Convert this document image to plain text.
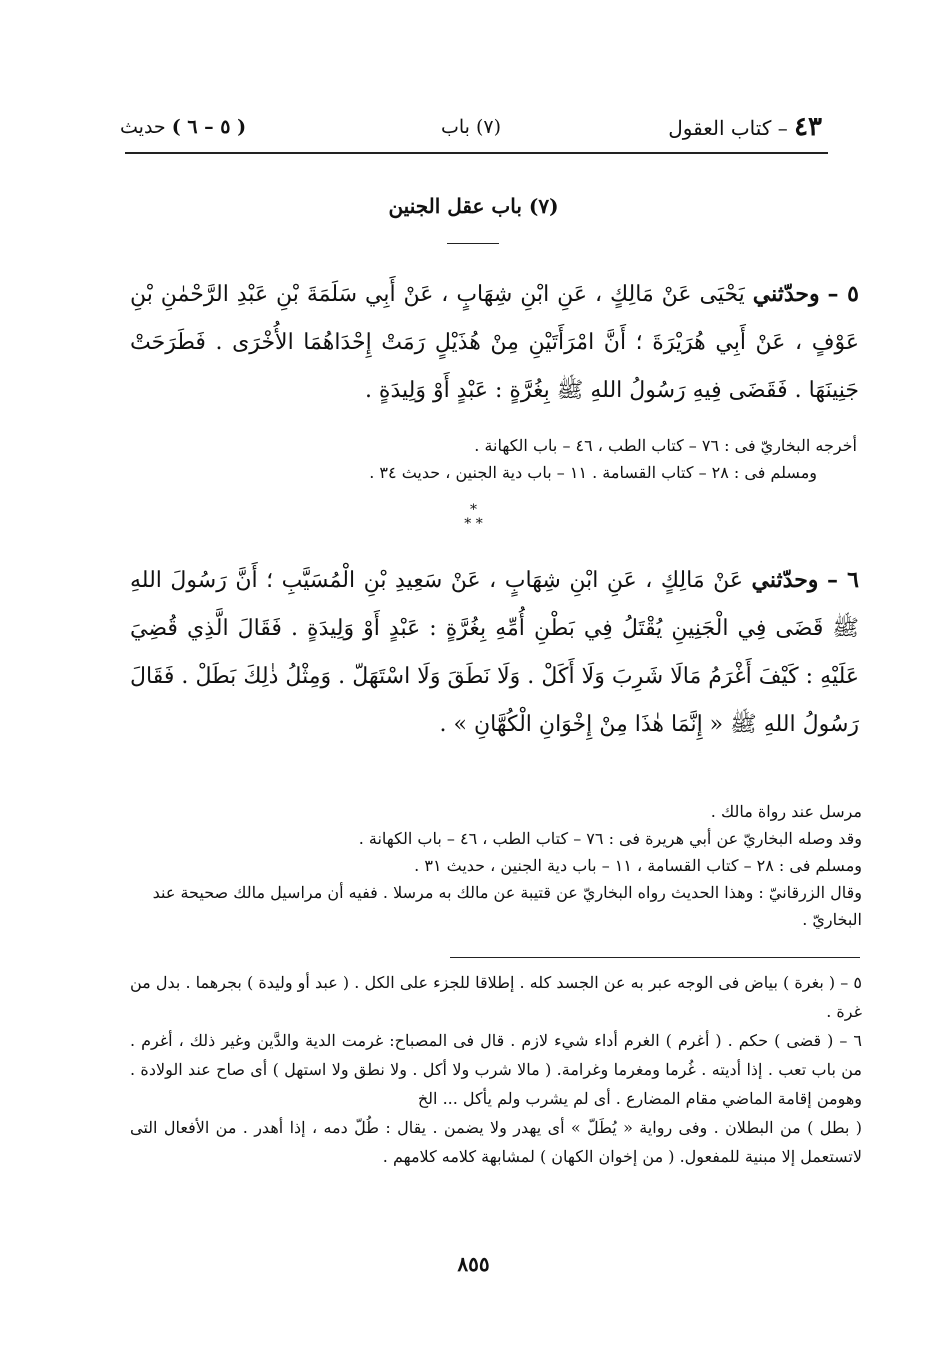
٤٣ – كتاب العقول
(٧) باب
( ٥ – ٦ ) حديث
(٧) باب عقل الجنين

٥ – وحدّثني يَحْيَى عَنْ مَالِكٍ ، عَنِ ابْنِ شِهَابٍ ، عَنْ أَبِي سَلَمَةَ بْنِ عَبْدِ الرَّحْمٰنِ بْنِ عَوْفٍ ، عَنْ أَبِي هُرَيْرَةَ ؛ أَنَّ امْرَأَتَيْنِ مِنْ هُذَيْلٍ رَمَتْ إِحْدَاهُمَا الأُخْرَى . فَطَرَحَتْ جَنِينَهَا . فَقَضَى فِيهِ رَسُولُ اللهِ ﷺ بِغُرَّةٍ : عَبْدٍ أَوْ وَلِيدَةٍ .

أخرجه البخاريّ فى : ٧٦ – كتاب الطب ، ٤٦ – باب الكهانة .

ومسلم فى : ٢٨ – كتاب القسامة . ١١ – باب دية الجنين ، حديث ٣٤ .

*
* *

٦ – وحدّثني عَنْ مَالِكٍ ، عَنِ ابْنِ شِهَابٍ ، عَنْ سَعِيدِ بْنِ الْمُسَيَّبِ ؛ أَنَّ رَسُولَ اللهِ ﷺ قَضَى فِي الْجَنِينِ يُقْتَلُ فِي بَطْنِ أُمِّهِ بِغُرَّةٍ : عَبْدٍ أَوْ وَلِيدَةٍ . فَقَالَ الَّذِي قُضِيَ عَلَيْهِ : كَيْفَ أَغْرَمُ مَالَا شَرِبَ وَلَا أَكَلْ . وَلَا نَطَقَ وَلَا اسْتَهَلّ . وَمِثْلُ ذٰلِكَ بَطَلْ . فَقَالَ رَسُولُ اللهِ ﷺ « إِنَّمَا هٰذَا مِنْ إِخْوَانِ الْكُهَّانِ » .

مرسل عند رواة مالك .

وقد وصله البخاريّ عن أبي هريرة فى : ٧٦ – كتاب الطب ، ٤٦ – باب الكهانة .

ومسلم فى : ٢٨ – كتاب القسامة ، ١١ – باب دية الجنين ، حديث ٣١ .

وقال الزرقانيّ : وهذا الحديث رواه البخاريّ عن قتيبة عن مالك به مرسلا . ففيه أن مراسيل مالك صحيحة عند البخاريّ .

٥ – ( بغرة ) بياض فى الوجه عبر به عن الجسد كله . إطلاقا للجزء على الكل . ( عبد أو وليدة ) بجرهما . بدل من غرة .

٦ – ( قضى ) حكم . ( أغرم ) الغرم أداء شيء لازم . قال فى المصباح: غرمت الدية والدَّين وغير ذلك ، أغرم . من باب تعب . إذا أديته . غُرما ومغرما وغرامة. ( مالا شرب ولا أكل . ولا نطق ولا استهل ) أى صاح عند الولادة . وهومن إقامة الماضي مقام المضارع . أى لم يشرب ولم يأكل ... الخ

( بطل ) من البطلان . وفى رواية « يُطَلّ » أى يهدر ولا يضمن . يقال : طُلّ دمه ، إذا أهدر . من الأفعال التى لاتستعمل إلا مبنية للمفعول. ( من إخوان الكهان ) لمشابهة كلامه كلامهم .

٨٥٥
